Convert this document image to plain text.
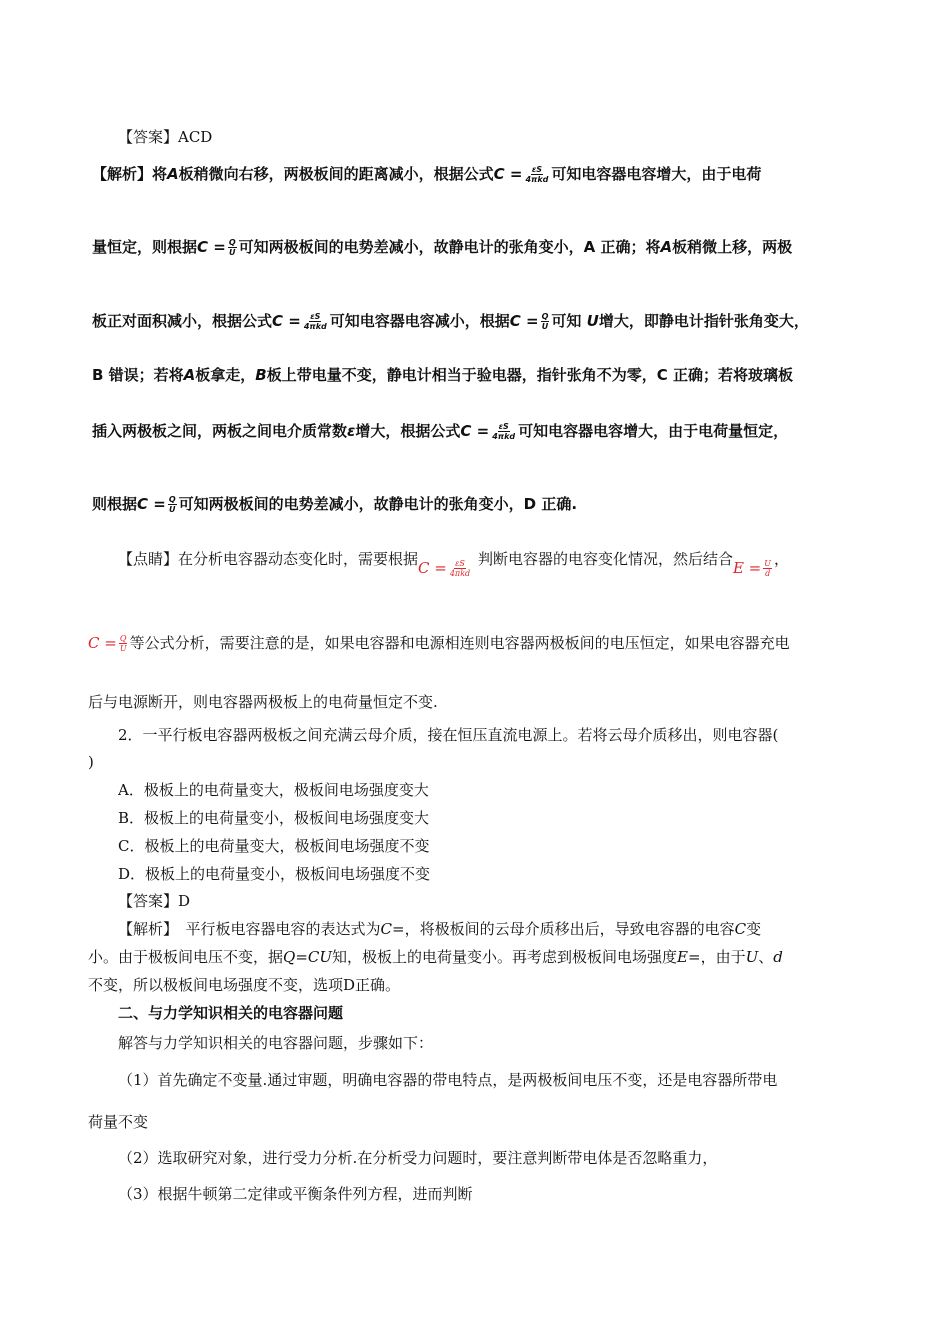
【答案】ACD
【解析】将A板稍微向右移，两极板间的距离减小，根据公式 $C = \frac{\varepsilon S}{\text{4πkd}}$ 可知电容器电容增大，由于电荷
量恒定，则根据 $C = \frac{Q}{U}$ 可知两极板间的电势差减小，故静电计的张角变小，A 正确；将A板稍微上移，两极
板正对面积减小，根据公式 $C = \frac{\varepsilon S}{\text{4πkd}}$ 可知电容器电容减小，根据 $C = \frac{Q}{U}$ 可知 U增大，即静电计指针张角变大，
B 错误；若将A板拿走，B板上带电量不变，静电计相当于验电器，指针张角不为零，C 正确；若将玻璃板
插入两极板之间，两板之间电介质常数ε增大，根据公式 $C = \frac{\varepsilon S}{\text{4πkd}}$ 可知电容器电容增大，由于电荷量恒定，
则根据 $C = \frac{Q}{U}$ 可知两极板间的电势差减小，故静电计的张角变小，D 正确.
【点睛】在分析电容器动态变化时，需要根据 $C = \frac{\varepsilon S}{\text{4πkd}}$ 判断电容器的电容变化情况，然后结合 $E = \frac{U}{d}$ ，
$C = \frac{Q}{U}$ 等公式分析，需要注意的是，如果电容器和电源相连则电容器两极板间的电压恒定，如果电容器充电
后与电源断开，则电容器两极板上的电荷量恒定不变.
2．一平行板电容器两极板之间充满云母介质，接在恒压直流电源上。若将云母介质移出，则电容器(
)
A．极板上的电荷量变大，极板间电场强度变大
B．极板上的电荷量变小，极板间电场强度变大
C．极板上的电荷量变大，极板间电场强度不变
D．极板上的电荷量变小，极板间电场强度不变
【答案】D
【解析】　平行板电容器电容的表达式为C=，将极板间的云母介质移出后，导致电容器的电容C变
小。由于极板间电压不变，据Q=CU知，极板上的电荷量变小。再考虑到极板间电场强度E=，由于U、d
不变，所以极板间电场强度不变，选项D正确。
二、与力学知识相关的电容器问题
解答与力学知识相关的电容器问题，步骤如下：
（1）首先确定不变量.通过审题，明确电容器的带电特点，是两极板间电压不变，还是电容器所带电
荷量不变
（2）选取研究对象，进行受力分析.在分析受力问题时，要注意判断带电体是否忽略重力，
（3）根据牛顿第二定律或平衡条件列方程，进而判断
